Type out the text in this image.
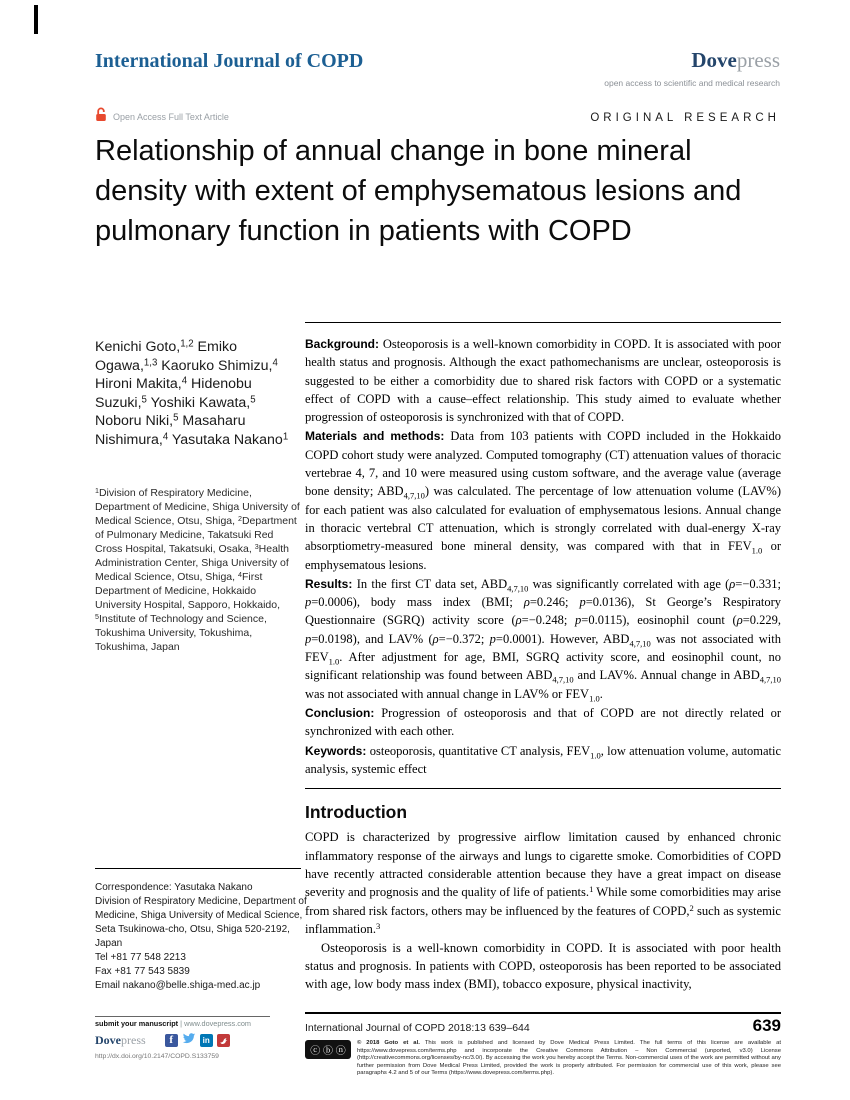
International Journal of COPD	Dovepress
open access to scientific and medical research
Open Access Full Text Article	ORIGINAL RESEARCH
Relationship of annual change in bone mineral density with extent of emphysematous lesions and pulmonary function in patients with COPD
Kenichi Goto,$^{1,2}$ Emiko Ogawa,$^{1,3}$ Kaoruko Shimizu,$^4$ Hironi Makita,$^4$ Hidenobu Suzuki,$^5$ Yoshiki Kawata,$^5$ Noboru Niki,$^5$ Masaharu Nishimura,$^4$ Yasutaka Nakano$^1$
$^1$Division of Respiratory Medicine, Department of Medicine, Shiga University of Medical Science, Otsu, Shiga, $^2$Department of Pulmonary Medicine, Takatsuki Red Cross Hospital, Takatsuki, Osaka, $^3$Health Administration Center, Shiga University of Medical Science, Otsu, Shiga, $^4$First Department of Medicine, Hokkaido University Hospital, Sapporo, Hokkaido, $^5$Institute of Technology and Science, Tokushima University, Tokushima, Tokushima, Japan
Correspondence: Yasutaka Nakano
Division of Respiratory Medicine, Department of Medicine, Shiga University of Medical Science, Seta Tsukinowa-cho, Otsu, Shiga 520-2192, Japan
Tel +81 77 548 2213
Fax +81 77 543 5839
Email nakano@belle.shiga-med.ac.jp

Background: Osteoporosis is a well-known comorbidity in COPD. It is associated with poor health status and prognosis. Although the exact pathomechanisms are unclear, osteoporosis is suggested to be either a comorbidity due to shared risk factors with COPD or a systematic effect of COPD with a cause–effect relationship. This study aimed to evaluate whether progression of osteoporosis is synchronized with that of COPD.

Materials and methods: Data from 103 patients with COPD included in the Hokkaido COPD cohort study were analyzed. Computed tomography (CT) attenuation values of thoracic vertebrae 4, 7, and 10 were measured using custom software, and the average value (average bone density; $ABD_{4,7,10}$) was calculated. The percentage of low attenuation volume (LAV%) for each patient was also calculated for evaluation of emphysematous lesions. Annual change in thoracic vertebral CT attenuation, which is strongly correlated with dual-energy X-ray absorptiometry-measured bone mineral density, was compared with that in $FEV_{1.0}$ or emphysematous lesions.

Results: In the first CT data set, $ABD_{4,7,10}$ was significantly correlated with age (ρ=−0.331; p=0.0006), body mass index (BMI; ρ=0.246; p=0.0136), St George’s Respiratory Questionnaire (SGRQ) activity score (ρ=−0.248; p=0.0115), eosinophil count (ρ=0.229, p=0.0198), and LAV% (ρ=−0.372; p=0.0001). However, $ABD_{4,7,10}$ was not associated with $FEV_{1.0}$. After adjustment for age, BMI, SGRQ activity score, and eosinophil count, no significant relationship was found between $ABD_{4,7,10}$ and LAV%. Annual change in $ABD_{4,7,10}$ was not associated with annual change in LAV% or $FEV_{1.0}$.

Conclusion: Progression of osteoporosis and that of COPD are not directly related or synchronized with each other.

Keywords: osteoporosis, quantitative CT analysis, $FEV_{1.0}$, low attenuation volume, automatic analysis, systemic effect

Introduction

COPD is characterized by progressive airflow limitation caused by enhanced chronic inflammatory response of the airways and lungs to cigarette smoke. Comorbidities of COPD have recently attracted considerable attention because they have a great impact on disease severity and prognosis and the quality of life of patients.$^1$ While some comorbidities may arise from shared risk factors, others may be influenced by the features of COPD,$^2$ such as systemic inflammation.$^3$

Osteoporosis is a well-known comorbidity in COPD. It is associated with poor health status and prognosis. In patients with COPD, osteoporosis has been reported to be associated with age, low body mass index (BMI), tobacco exposure, physical inactivity,

submit your manuscript | www.dovepress.com
Dovepress	f	in
http://dx.doi.org/10.2147/COPD.S133759
International Journal of COPD 2018:13 639–644	639
ⓒ ⓑ ⓝ
© 2018 Goto et al. This work is published and licensed by Dove Medical Press Limited. The full terms of this license are available at https://www.dovepress.com/terms.php and incorporate the Creative Commons Attribution – Non Commercial (unported, v3.0) License (http://creativecommons.org/licenses/by-nc/3.0/). By accessing the work you hereby accept the Terms. Non-commercial uses of the work are permitted without any further permission from Dove Medical Press Limited, provided the work is properly attributed. For permission for commercial use of this work, please see paragraphs 4.2 and 5 of our Terms (https://www.dovepress.com/terms.php).
